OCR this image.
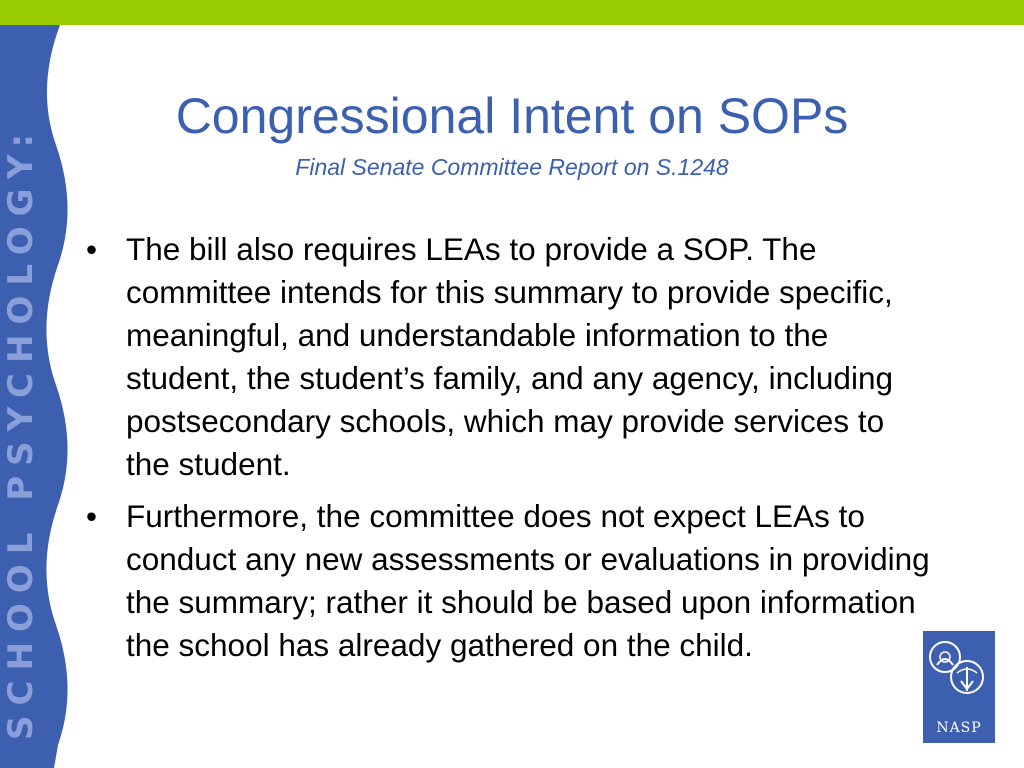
SCHOOL PSYCHOLOGY:
Congressional Intent on SOPs
Final Senate Committee Report on S.1248
• The bill also requires LEAs to provide a SOP. The committee intends for this summary to provide specific, meaningful, and understandable information to the student, the student’s family, and any agency, including postsecondary schools, which may provide services to the student.
• Furthermore, the committee does not expect LEAs to conduct any new assessments or evaluations in providing the summary; rather it should be based upon information the school has already gathered on the child.
NASP
